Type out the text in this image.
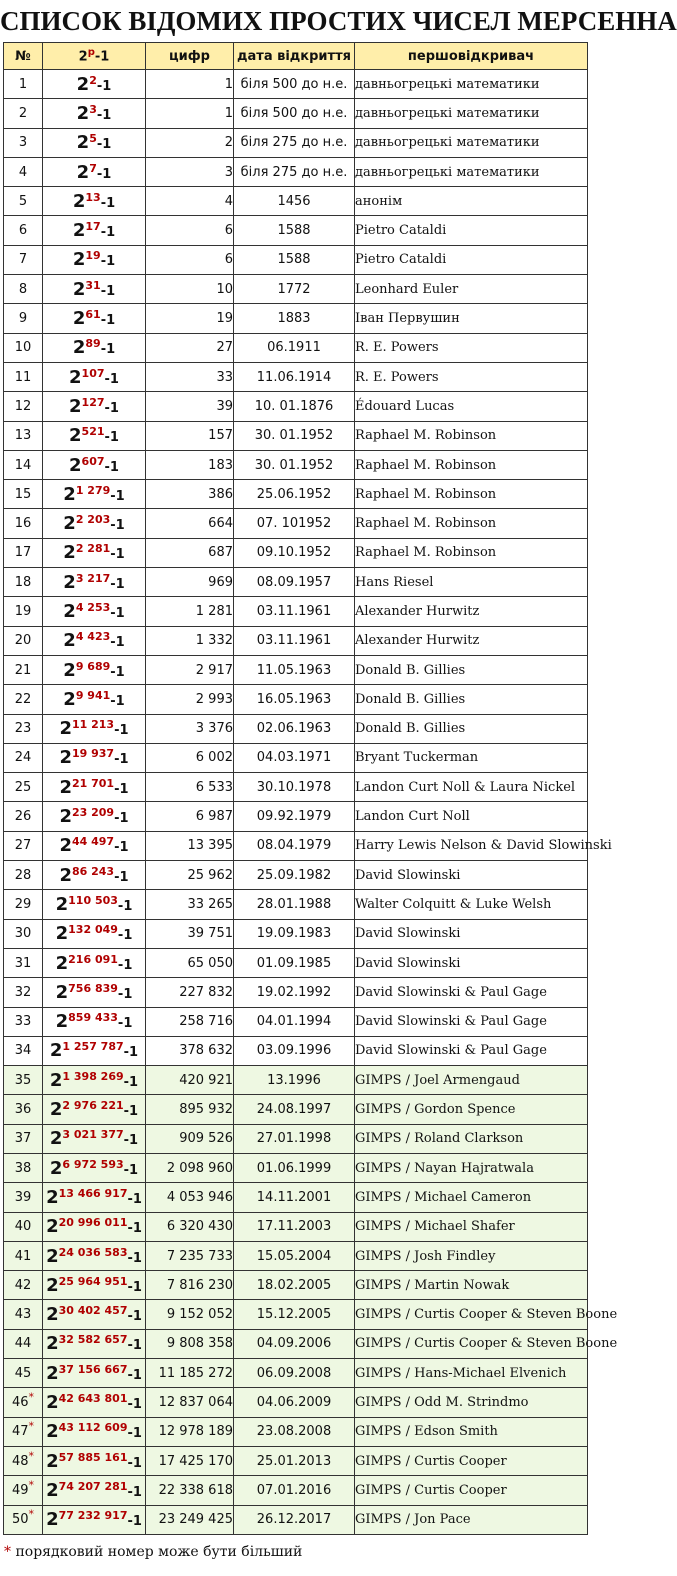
СПИСОК ВІДОМИХ ПРОСТИХ ЧИСЕЛ МЕРСЕННА
№	2$^p$-1	цифр	дата відкриття	першовідкривач
1	$2^2-1$	1	біля 500 до н.е.	давньогрецькі математики
2	$2^3-1$	1	біля 500 до н.е.	давньогрецькі математики
3	$2^5-1$	2	біля 275 до н.е.	давньогрецькі математики
4	$2^7-1$	3	біля 275 до н.е.	давньогрецькі математики
5	$2^{13}-1$	4	1456	анонім
6	$2^{17}-1$	6	1588	Pietro Cataldi
7	$2^{19}-1$	6	1588	Pietro Cataldi
8	$2^{31}-1$	10	1772	Leonhard Euler
9	$2^{61}-1$	19	1883	Іван Первушин
10	$2^{89}-1$	27	06.1911	R. E. Powers
11	$2^{107}-1$	33	11.06.1914	R. E. Powers
12	$2^{127}-1$	39	10. 01.1876	Édouard Lucas
13	$2^{521}-1$	157	30. 01.1952	Raphael M. Robinson
14	$2^{607}-1$	183	30. 01.1952	Raphael M. Robinson
15	$2^{1 279}-1$	386	25.06.1952	Raphael M. Robinson
16	$2^{2 203}-1$	664	07. 101952	Raphael M. Robinson
17	$2^{2 281}-1$	687	09.10.1952	Raphael M. Robinson
18	$2^{3 217}-1$	969	08.09.1957	Hans Riesel
19	$2^{4 253}-1$	1 281	03.11.1961	Alexander Hurwitz
20	$2^{4 423}-1$	1 332	03.11.1961	Alexander Hurwitz
21	$2^{9 689}-1$	2 917	11.05.1963	Donald B. Gillies
22	$2^{9 941}-1$	2 993	16.05.1963	Donald B. Gillies
23	$2^{11 213}-1$	3 376	02.06.1963	Donald B. Gillies
24	$2^{19 937}-1$	6 002	04.03.1971	Bryant Tuckerman
25	$2^{21 701}-1$	6 533	30.10.1978	Landon Curt Noll & Laura Nickel
26	$2^{23 209}-1$	6 987	09.92.1979	Landon Curt Noll
27	$2^{44 497}-1$	13 395	08.04.1979	Harry Lewis Nelson & David Slowinski
28	$2^{86 243}-1$	25 962	25.09.1982	David Slowinski
29	$2^{110 503}-1$	33 265	28.01.1988	Walter Colquitt & Luke Welsh
30	$2^{132 049}-1$	39 751	19.09.1983	David Slowinski
31	$2^{216 091}-1$	65 050	01.09.1985	David Slowinski
32	$2^{756 839}-1$	227 832	19.02.1992	David Slowinski & Paul Gage
33	$2^{859 433}-1$	258 716	04.01.1994	David Slowinski & Paul Gage
34	$2^{1 257 787}-1$	378 632	03.09.1996	David Slowinski & Paul Gage
35	$2^{1 398 269}-1$	420 921	13.1996	GIMPS / Joel Armengaud
36	$2^{2 976 221}-1$	895 932	24.08.1997	GIMPS / Gordon Spence
37	$2^{3 021 377}-1$	909 526	27.01.1998	GIMPS / Roland Clarkson
38	$2^{6 972 593}-1$	2 098 960	01.06.1999	GIMPS / Nayan Hajratwala
39	$2^{13 466 917}-1$	4 053 946	14.11.2001	GIMPS / Michael Cameron
40	$2^{20 996 011}-1$	6 320 430	17.11.2003	GIMPS / Michael Shafer
41	$2^{24 036 583}-1$	7 235 733	15.05.2004	GIMPS / Josh Findley
42	$2^{25 964 951}-1$	7 816 230	18.02.2005	GIMPS / Martin Nowak
43	$2^{30 402 457}-1$	9 152 052	15.12.2005	GIMPS / Curtis Cooper & Steven Boone
44	$2^{32 582 657}-1$	9 808 358	04.09.2006	GIMPS / Curtis Cooper & Steven Boone
45	$2^{37 156 667}-1$	11 185 272	06.09.2008	GIMPS / Hans-Michael Elvenich
46*	$2^{42 643 801}-1$	12 837 064	04.06.2009	GIMPS / Odd M. Strindmo
47*	$2^{43 112 609}-1$	12 978 189	23.08.2008	GIMPS / Edson Smith
48*	$2^{57 885 161}-1$	17 425 170	25.01.2013	GIMPS / Curtis Cooper
49*	$2^{74 207 281}-1$	22 338 618	07.01.2016	GIMPS / Curtis Cooper
50*	$2^{77 232 917}-1$	23 249 425	26.12.2017	GIMPS / Jon Pace
* порядковий номер може бути більший
